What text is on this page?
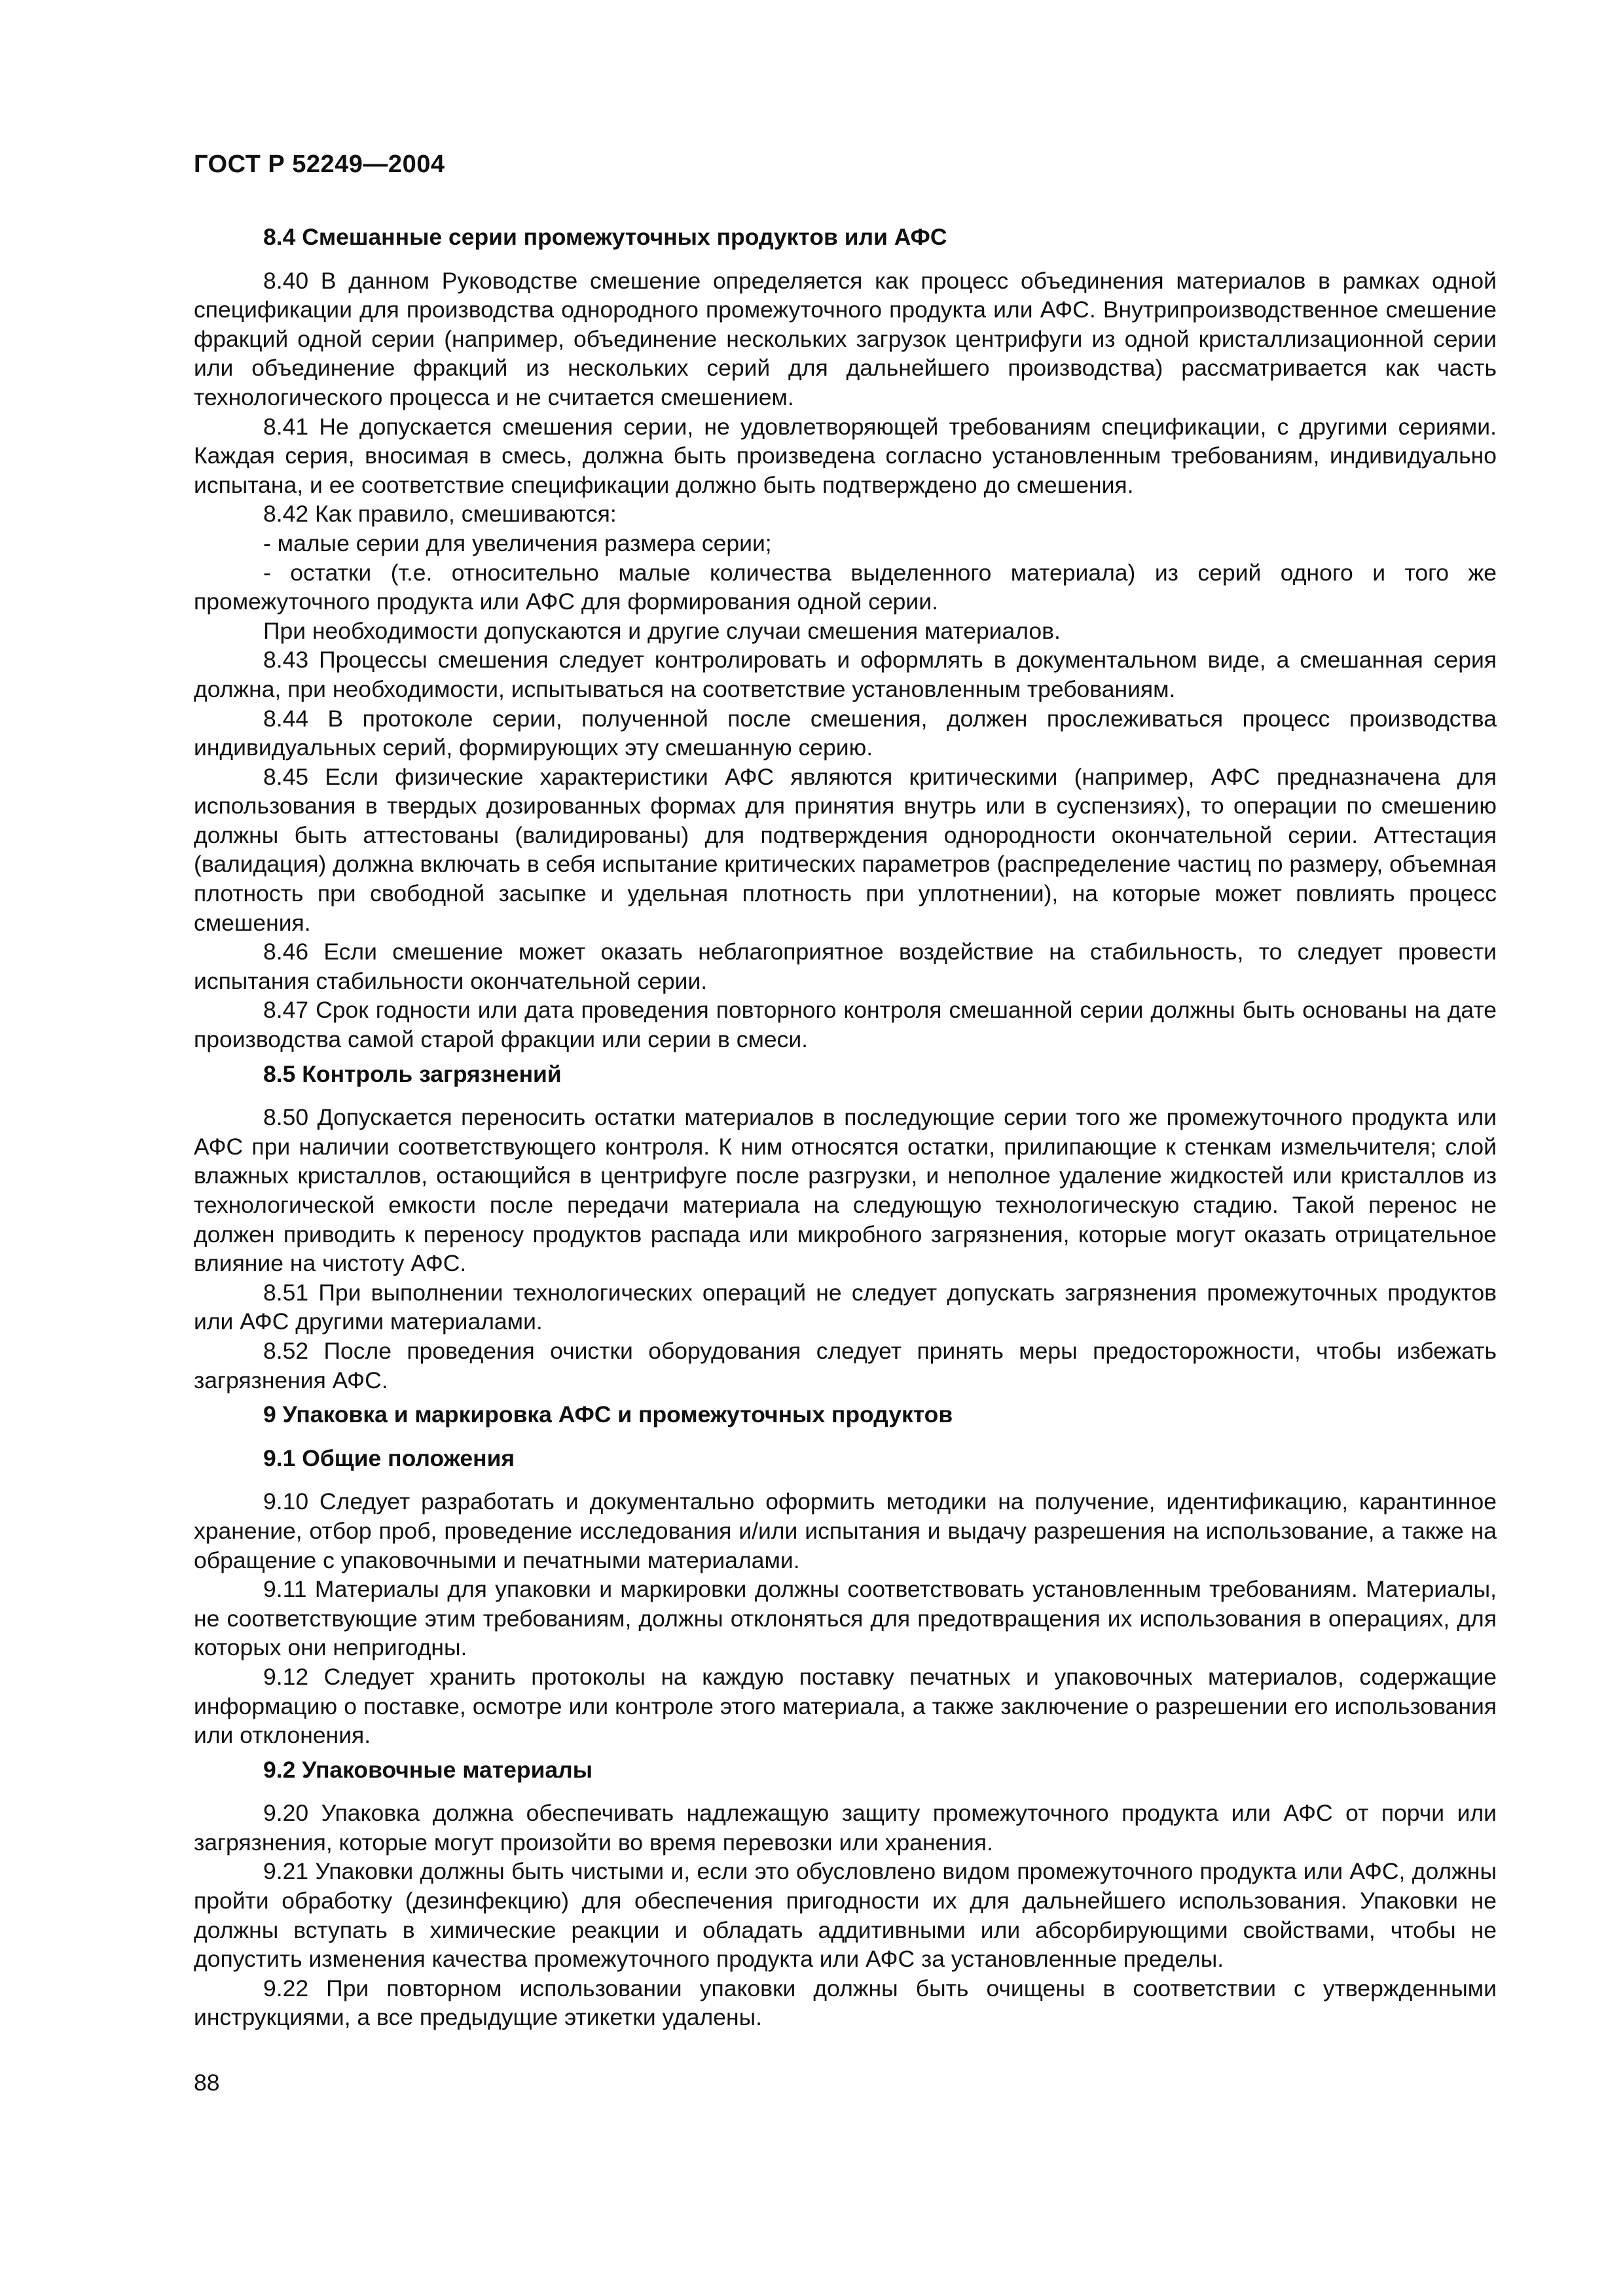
ГОСТ Р 52249—2004

8.4 Смешанные серии промежуточных продуктов или АФС

8.40 В данном Руководстве смешение определяется как процесс объединения материалов в рамках одной спецификации для производства однородного промежуточного продукта или АФС. Внутрипроизводственное смешение фракций одной серии (например, объединение нескольких загрузок центрифуги из одной кристаллизационной серии или объединение фракций из нескольких серий для дальнейшего производства) рассматривается как часть технологического процесса и не считается смешением.

8.41 Не допускается смешения серии, не удовлетворяющей требованиям спецификации, с другими сериями. Каждая серия, вносимая в смесь, должна быть произведена согласно установленным требованиям, индивидуально испытана, и ее соответствие спецификации должно быть подтверждено до смешения.

8.42 Как правило, смешиваются:

- малые серии для увеличения размера серии;

- остатки (т.е. относительно малые количества выделенного материала) из серий одного и того же промежуточного продукта или АФС для формирования одной серии.

При необходимости допускаются и другие случаи смешения материалов.

8.43 Процессы смешения следует контролировать и оформлять в документальном виде, а смешанная серия должна, при необходимости, испытываться на соответствие установленным требованиям.

8.44 В протоколе серии, полученной после смешения, должен прослеживаться процесс производства индивидуальных серий, формирующих эту смешанную серию.

8.45 Если физические характеристики АФС являются критическими (например, АФС предназначена для использования в твердых дозированных формах для принятия внутрь или в суспензиях), то операции по смешению должны быть аттестованы (валидированы) для подтверждения однородности окончательной серии. Аттестация (валидация) должна включать в себя испытание критических параметров (распределение частиц по размеру, объемная плотность при свободной засыпке и удельная плотность при уплотнении), на которые может повлиять процесс смешения.

8.46 Если смешение может оказать неблагоприятное воздействие на стабильность, то следует провести испытания стабильности окончательной серии.

8.47 Срок годности или дата проведения повторного контроля смешанной серии должны быть основаны на дате производства самой старой фракции или серии в смеси.

8.5 Контроль загрязнений

8.50 Допускается переносить остатки материалов в последующие серии того же промежуточного продукта или АФС при наличии соответствующего контроля. К ним относятся остатки, прилипающие к стенкам измельчителя; слой влажных кристаллов, остающийся в центрифуге после разгрузки, и неполное удаление жидкостей или кристаллов из технологической емкости после передачи материала на следующую технологическую стадию. Такой перенос не должен приводить к переносу продуктов распада или микробного загрязнения, которые могут оказать отрицательное влияние на чистоту АФС.

8.51 При выполнении технологических операций не следует допускать загрязнения промежуточных продуктов или АФС другими материалами.

8.52 После проведения очистки оборудования следует принять меры предосторожности, чтобы избежать загрязнения АФС.

9 Упаковка и маркировка АФС и промежуточных продуктов

9.1 Общие положения

9.10 Следует разработать и документально оформить методики на получение, идентификацию, карантинное хранение, отбор проб, проведение исследования и/или испытания и выдачу разрешения на использование, а также на обращение с упаковочными и печатными материалами.

9.11 Материалы для упаковки и маркировки должны соответствовать установленным требованиям. Материалы, не соответствующие этим требованиям, должны отклоняться для предотвращения их использования в операциях, для которых они непригодны.

9.12 Следует хранить протоколы на каждую поставку печатных и упаковочных материалов, содержащие информацию о поставке, осмотре или контроле этого материала, а также заключение о разрешении его использования или отклонения.

9.2 Упаковочные материалы

9.20 Упаковка должна обеспечивать надлежащую защиту промежуточного продукта или АФС от порчи или загрязнения, которые могут произойти во время перевозки или хранения.

9.21 Упаковки должны быть чистыми и, если это обусловлено видом промежуточного продукта или АФС, должны пройти обработку (дезинфекцию) для обеспечения пригодности их для дальнейшего использования. Упаковки не должны вступать в химические реакции и обладать аддитивными или абсорбирующими свойствами, чтобы не допустить изменения качества промежуточного продукта или АФС за установленные пределы.

9.22 При повторном использовании упаковки должны быть очищены в соответствии с утвержденными инструкциями, а все предыдущие этикетки удалены.

88
